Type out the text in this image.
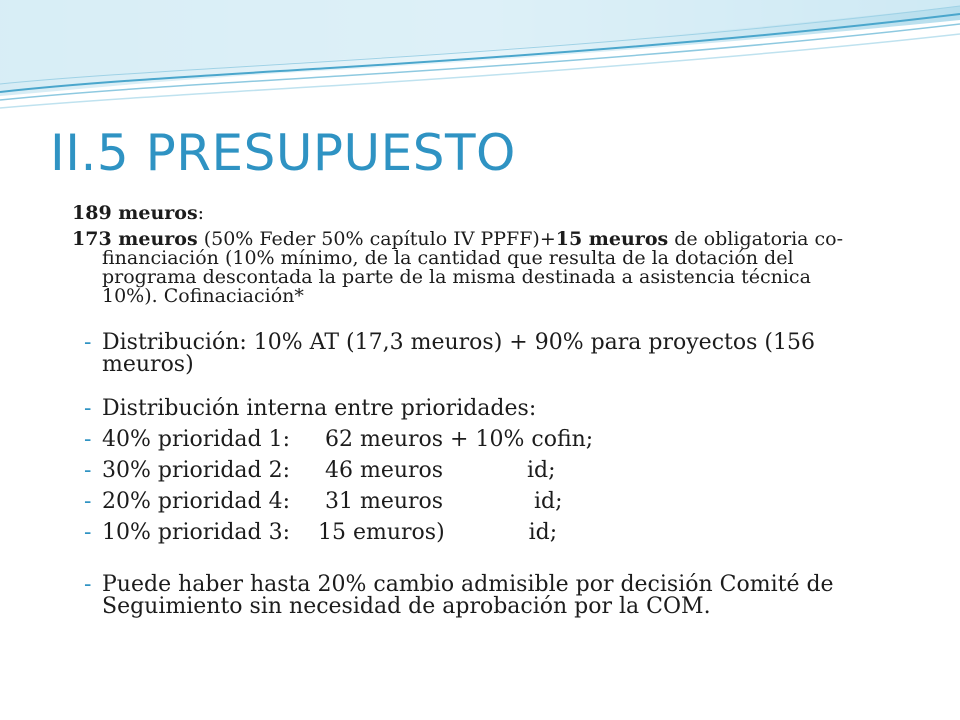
II.5 PRESUPUESTO
189 meuros:
173 meuros (50% Feder 50% capítulo IV PPFF)+15 meuros de obligatoria co-financiación (10% mínimo, de la cantidad que resulta de la dotación del programa descontada la parte de la misma destinada a asistencia técnica 10%). Cofinaciación*
- Distribución: 10% AT (17,3 meuros) + 90% para proyectos (156 meuros)
- Distribución interna entre prioridades:
- 40% prioridad 1:     62 meuros + 10% cofin;
- 30% prioridad 2:     46 meuros            id;
- 20% prioridad 4:     31 meuros             id;
- 10% prioridad 3:    15 emuros)            id;
- Puede haber hasta 20% cambio admisible por decisión Comité de Seguimiento sin necesidad de aprobación por la COM.
